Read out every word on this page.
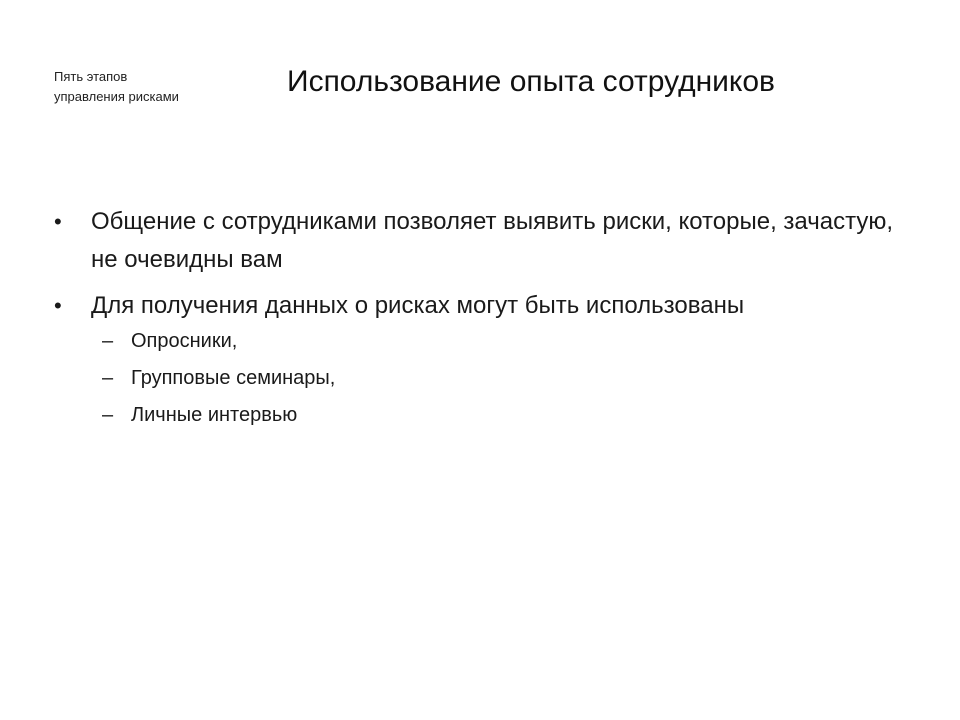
Пять этапов
управления рисками	Использование опыта сотрудников
•	Общение с сотрудниками позволяет выявить риски, которые, зачастую, не очевидны вам
•	Для получения данных о рисках могут быть использованы
– Опросники,
– Групповые семинары,
– Личные интервью
